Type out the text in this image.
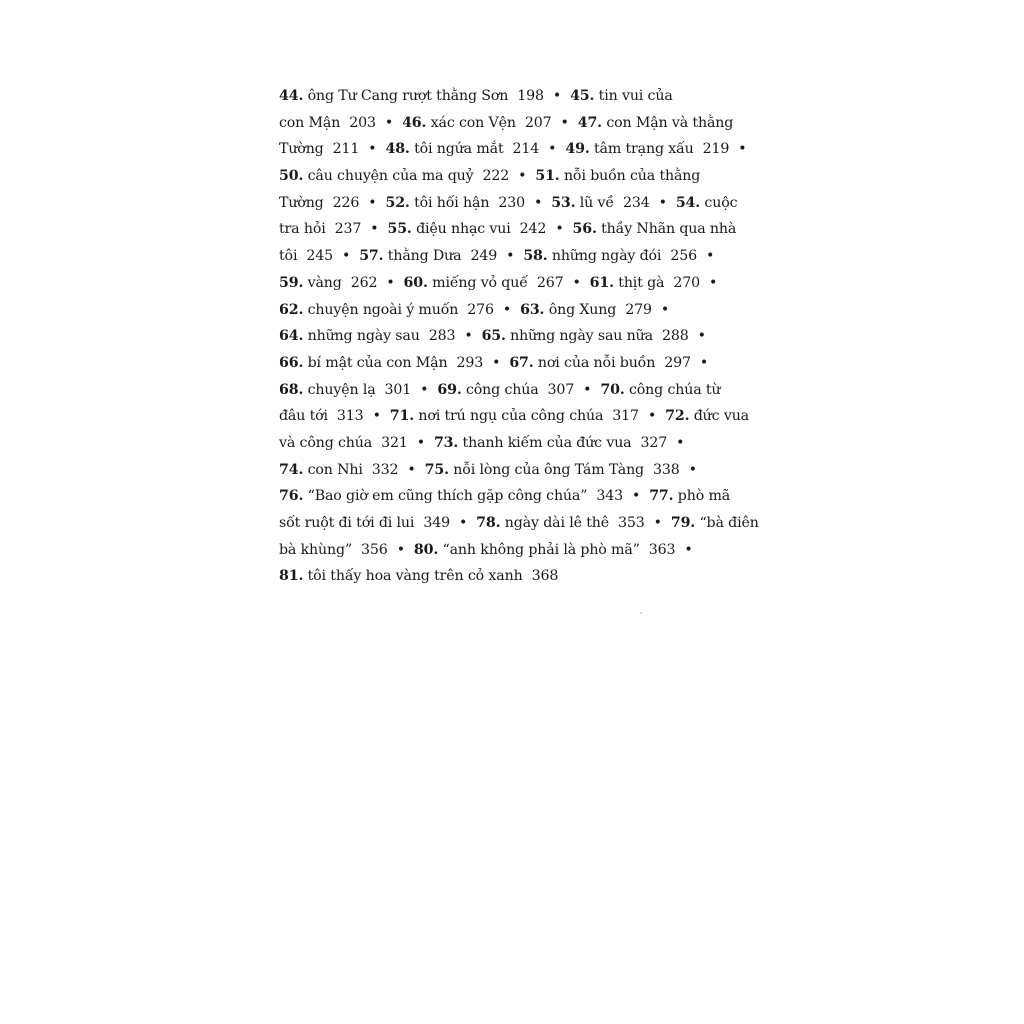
44. ông Tư Cang rượt thằng Sơn 198 • 45. tin vui của
con Mận 203 • 46. xác con Vện 207 • 47. con Mận và thằng
Tường 211 • 48. tôi ngứa mắt 214 • 49. tâm trạng xấu 219 •
50. câu chuyện của ma quỷ 222 • 51. nỗi buồn của thằng
Tường 226 • 52. tôi hối hận 230 • 53. lũ về 234 • 54. cuộc
tra hỏi 237 • 55. điệu nhạc vui 242 • 56. thầy Nhãn qua nhà
tôi 245 • 57. thằng Dưa 249 • 58. những ngày đói 256 •
59. vàng 262 • 60. miếng vỏ quế 267 • 61. thịt gà 270 •
62. chuyện ngoài ý muốn 276 • 63. ông Xung 279 •
64. những ngày sau 283 • 65. những ngày sau nữa 288 •
66. bí mật của con Mận 293 • 67. nơi của nỗi buồn 297 •
68. chuyện lạ 301 • 69. công chúa 307 • 70. công chúa từ
đâu tới 313 • 71. nơi trú ngụ của công chúa 317 • 72. đức vua
và công chúa 321 • 73. thanh kiếm của đức vua 327 •
74. con Nhi 332 • 75. nỗi lòng của ông Tám Tàng 338 •
76. “Bao giờ em cũng thích gặp công chúa” 343 • 77. phò mã
sốt ruột đi tới đi lui 349 • 78. ngày dài lê thê 353 • 79. “bà điên
bà khùng” 356 • 80. “anh không phải là phò mã” 363 •
81. tôi thấy hoa vàng trên cỏ xanh 368
